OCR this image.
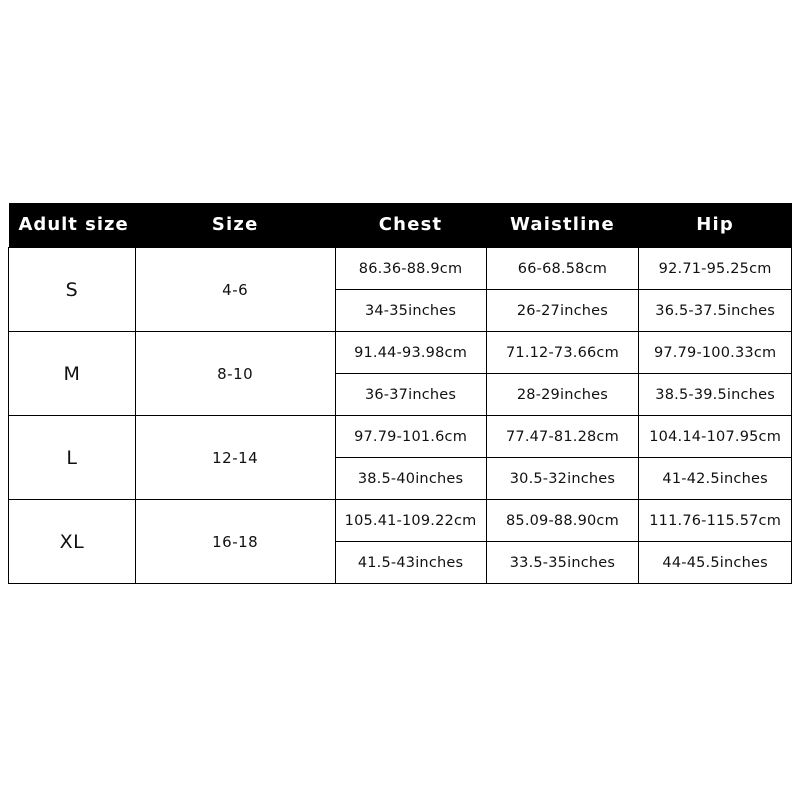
Adult size	Size	Chest	Waistline	Hip
S	4-6	86.36-88.9cm	66-68.58cm	92.71-95.25cm
		34-35inches	26-27inches	36.5-37.5inches
M	8-10	91.44-93.98cm	71.12-73.66cm	97.79-100.33cm
		36-37inches	28-29inches	38.5-39.5inches
L	12-14	97.79-101.6cm	77.47-81.28cm	104.14-107.95cm
		38.5-40inches	30.5-32inches	41-42.5inches
XL	16-18	105.41-109.22cm	85.09-88.90cm	111.76-115.57cm
		41.5-43inches	33.5-35inches	44-45.5inches
